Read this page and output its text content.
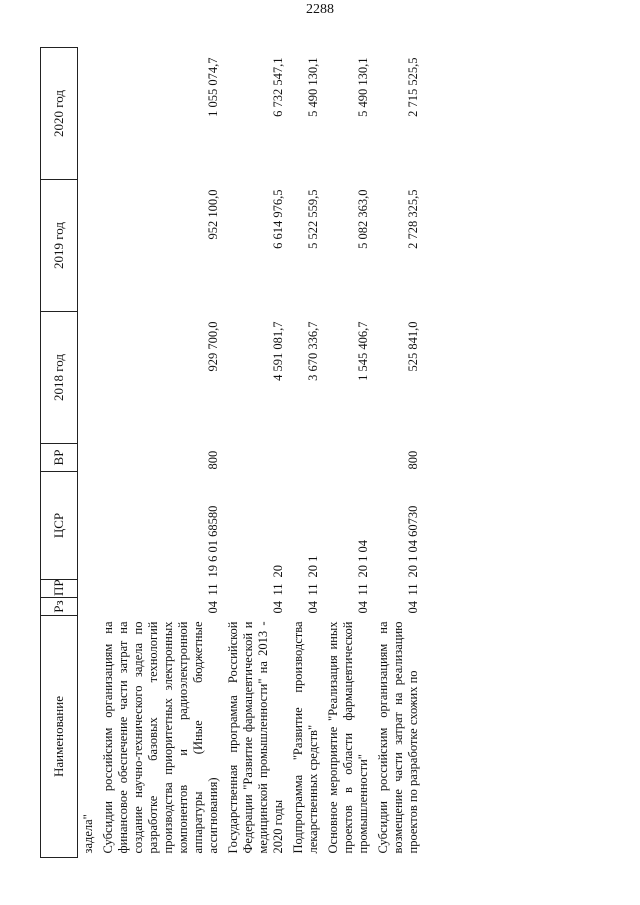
2288
Наименование	Рз	ПР	ЦСР	ВР	2018 год	2019 год	2020 год
задела"							
Субсидии российским организациям на финансовое обеспечение части затрат на создание научно-технического задела по разработке базовых технологий производства приоритетных электронных компонентов и радиоэлектронной аппаратуры (Иные бюджетные ассигнования)	04	11	19 6 01 68580	800	929 700,0	952 100,0	1 055 074,7
Государственная программа Российской Федерации "Развитие фармацевтической и медицинской промышленности" на 2013 - 2020 годы	04	11	20		4 591 081,7	6 614 976,5	6 732 547,1
Подпрограмма "Развитие производства лекарственных средств"	04	11	20 1		3 670 336,7	5 522 559,5	5 490 130,1
Основное мероприятие "Реализация иных проектов в области фармацевтической промышленности"	04	11	20 1 04		1 545 406,7	5 082 363,0	5 490 130,1
Субсидии российским организациям на возмещение части затрат на реализацию проектов по разработке схожих по	04	11	20 1 04 60730	800	525 841,0	2 728 325,5	2 715 525,5
